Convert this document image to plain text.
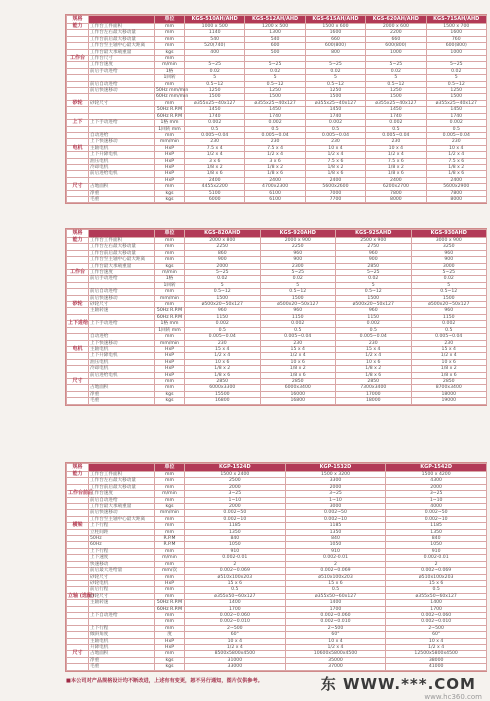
规格		单位	KGS-510AH/AHD	KGS-512AH/AHD	KGS-615AH/AHD	KGS-620AH/AHD	KGS-715AH/AHD
能力	工作台工件面积	mm	1000 x 500	1200 x 500	1500 x 600	2000 x 600	1500 x 700
	工作台左右最大移动量	mm	1140	1300	1600	2200	1600
	工作台前后最大移动量	mm	540	540	660	660	760
	工作台至主轴中心最大距离	mm	520(740)	600	600(800)	600(800)	600(800)
	工作台最大承载重量	kgs	400	500	800	1000	1000
工作台	工作台尺寸	mm					
	工作台速度	m/min	5~25	5~25	5~25	5~25	5~25
	前后手动进给	1格	0.02	0.02	0.02	0.02	0.02
		1回转	5	5	5	5	5
	前后自动进给	mm	0.5~12	0.5~12	0.5~12	0.5~12	0.5~12
	前后快速移动	50Hz mm/min	1250	1250	1250	1250	1250
		60Hz mm/min	1500	1500	1500	1500	1500
砂轮	砂轮尺寸	mm	ø355x25~40x127	ø355x25~40x127	ø355x25~40x127	ø355x25~40x127	ø355x25~40x127
		50Hz R.P.M	1450	1450	1450	1450	1450
		60Hz R.P.M	1740	1740	1740	1740	1740
上下	上下手动进给	1格 mm	0.002	0.002	0.002	0.002	0.002
		1回转 mm	0.5	0.5	0.5	0.5	0.5
	自动进给	mm	0.005~0.04	0.005~0.04	0.005~0.04	0.005~0.04	0.005~0.04
	上下快速移动	mm/min	230	230	230	230	230
电机	主轴电机	HxP	7.5 x 4	7.5 x 4	10 x 4	10 x 4	10 x 4
	上下升降电机	HxP	1/2 x 4	1/2 x 4	1/2 x 4	1/2 x 4	1/2 x 4
	油压电机	HxP	3 x 6	3 x 6	7.5 x 6	7.5 x 6	7.5 x 6
	冷却电机	HxP	1/8 x 2	1/8 x 2	1/8 x 2	1/8 x 2	1/8 x 2
	前后进给电机	HxP	1/8 x 6	1/8 x 6	1/8 x 6	1/8 x 6	1/8 x 6
		HxP	2400	2400	2400	2400	2400
尺寸	占地面积	mm	4455x2200	4700x2300	5600x2600	6200x2700	5600x2900
	净重	kgs	5100	6100	7000	7800	7800
	毛重	kgs	6000	6100	7700	8000	8000
规格		单位	KGS-820AHD	KGS-920AHD	KGS-925AHD	KGS-930AHD
能力	工作台工件面积	mm	2000 x 800	2000 x 900	2500 x 900	3000 x 900
	工作台左右最大移动量	mm	2250	2250	2750	3250
	工作台前后最大移动量	mm	860	960	960	960
	工作台至主轴中心最大距离	mm	900	900	900	900
	工作台最大承载重量	kgs	2000	2300	2850	3000
工作台	工作台速度	m/min	5~25	5~25	5~25	5~25
	前后手动进给	1格	0.02	0.02	0.02	0.02
		1回转	5	5	5	5
	前后自动进给	mm	0.5~12	0.5~12	0.5~12	0.5~12
	前后快速移动	mm/min	1500	1500	1500	1500
砂轮	砂轮尺寸	mm	ø500x20~50x127	ø500x20~50x127	ø500x20~50x127	ø500x20~50x127
	主轴转速	50Hz R.P.M	960	960	960	960
		60Hz R.P.M	1150	1150	1150	1150
上下进给	上下手动进给	1格 mm	0.002	0.002	0.002	0.002
		1回转 mm	0.5	0.5	0.5	0.5
	自动进给	mm	0.005~0.04	0.005~0.04	0.005~0.04	0.005~0.04
	上下快速移动	mm/min	230	230	230	230
电机	主轴电机	HxP	15 x 4	15 x 4	15 x 4	15 x 4
	上下升降电机	HxP	1/2 x 4	1/2 x 4	1/2 x 4	1/2 x 4
	油压电机	HxP	10 x 6	10 x 6	10 x 6	10 x 6
	冷却电机	HxP	1/8 x 2	1/8 x 2	1/8 x 2	1/8 x 2
	前后进给电机	HxP	1/8 x 6	1/8 x 6	1/8 x 6	1/8 x 6
尺寸		mm	2850	2850	2850	2850
	占地面积	mm	6000x3300	6000x3400	7300x3400	8700x3400
	净重	kgs	15500	16000	17000	18000
	毛重	kgs	16800	16800	18000	19000
规格		单位	KGP-1524D	KGP-1532D	KGP-1542D
能力	工作台工件面积	mm	1500 x 2400	1500 x 3200	1500 x 4200
	工作台左右最大移动量	mm	2500	3300	4300
	工作台前后最大移动量	mm	2000	2000	2000
工作台前后	工作台速度	m/min	3~25	3~25	3~25
	前后自动进给	mm	1~10	1~10	1~10
	工作台最大承载重量	kgs	2000	3000	4000
	前后快速移动	mm/min	0.002~50	0.002~50	0.002~50
	工作台至主轴中心最大距离	mm	0.002~10	0.002~10	0.002~10
横梁	上下行程	mm	1185	1185	1185
	立柱间距	mm	1350	1350	1350
	50Hz	R.P.M	840	840	840
	60Hz	R.P.M	1050	1050	1050
	上下行程	mm	910	910	910
	上下速度	m/min	0.002-0.01	0.002-0.01	0.002-0.01
	快速移动	mm	2	2	2
	前后最大进给量	mm/次	0.002~0.069	0.002~0.069	0.002~0.069
	砂轮尺寸	mm	ø510x100x203	ø510x100x203	ø510x100x203
	砂轮电机	HxP	15 x 6	15 x 6	15 x 6
	前后行程	mm	0.5	0.5	0.5
立轴 (选配)	砂轮尺寸	mm	ø355x50~60x127	ø355x50~60x127	ø355x50~60x127
	主轴转速	50Hz R.P.M	1400	1400	1400
		60Hz R.P.M	1700	1700	1700
	上下自动进给	mm	0.002~0.060	0.002~0.060	0.002~0.060
		mm	0.002~0.010	0.002~0.010	0.002~0.010
	上下行程	mm	2~500	2~500	2~500
	倾斜角度	度	60°	60°	60°
	主轴电机	HxP	10 x 4	10 x 4	10 x 4
	升降电机	HxP	1/2 x 4	1/2 x 4	1/2 x 4
尺寸	占地面积	mm	8500x5800x4500	10600x5800x4500	12500x5800x4500
	净重	kgs	31000	35000	38000
	毛重	kgs	33000	37000	41000
■本公司对产品规格设计均不断改进，上述有有变更，恕不另行通知，图片仅供参考。	东 WWW.***.COM
www.hc360.com
